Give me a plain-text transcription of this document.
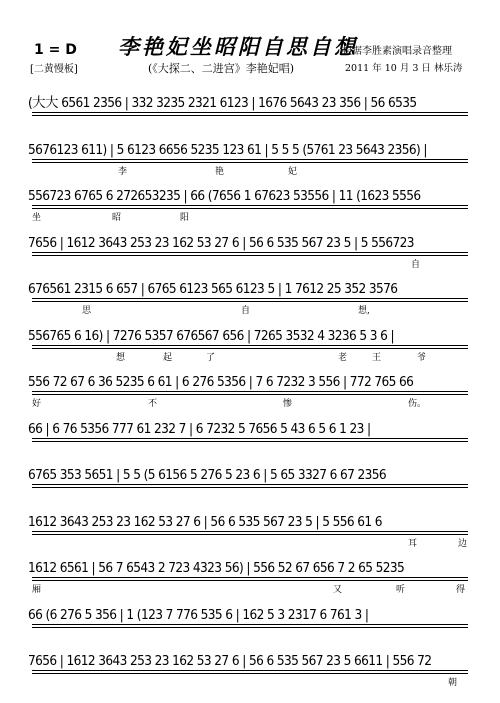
1 = D
[二黄慢板]
李艳妃坐昭阳自思自想
(《大探二、二进宫》李艳妃唱)
根据李胜素演唱录音整理
2011 年 10 月 3 日 林乐涛
(大大 6561 2356 | 332 3235 2321 6123 | 1676 5643 23 356 | 56 6535
5676123 611) | 5 6123 6656 5235 123 61 | 5 5 5 (5761 23 5643 2356) |
李	艳	妃
556723 6765 6 272653235 | 66 (7656 1 67623 53556 | 11 (1623 5556
坐	昭	阳
7656 | 1612 3643 253 23 162 53 27 6 | 56 6 535 567 23 5 | 5 556723
自
676561 2315 6 657 | 6765 6123 565 6123 5 | 1 7612 25 352 3576
思	自	想,
556765 6 16) | 7276 5357 676567 656 | 7265 3532 4 3236 5 3 6 |
想	起	了	老	王	爷
556 72 67 6 36 5235 6 61 | 6 276 5356 | 7 6 7232 3 556 | 772 765 66
好	不	惨	伤。
66 | 6 76 5356 777 61 232 7 | 6 7232 5 7656 5 43 6 5 6 1 23 |
6765 353 5651 | 5 5 (5 6156 5 276 5 23 6 | 5 65 3327 6 67 2356
1612 3643 253 23 162 53 27 6 | 56 6 535 567 23 5 | 5 556 61 6
耳	边
1612 6561 | 56 7 6543 2 723 4323 56) | 556 52 67 656 7 2 65 5235
厢	又	听	得
66 (6 276 5 356 | 1 (123 7 776 535 6 | 162 5 3 2317 6 761 3 |
7656 | 1612 3643 253 23 162 53 27 6 | 56 6 535 567 23 5 6611 | 556 72
朝
